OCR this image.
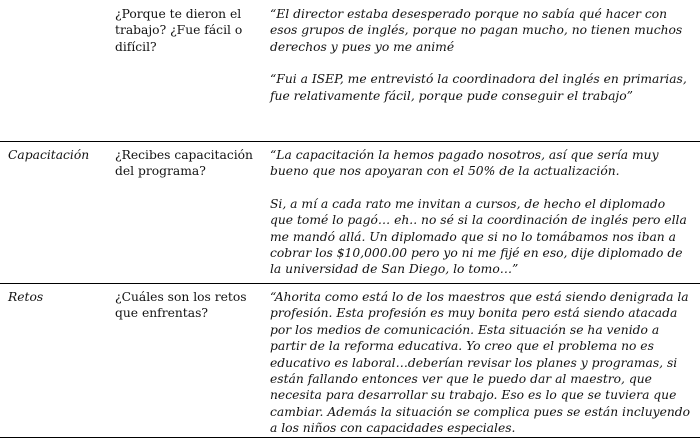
¿Porque te dieron el trabajo? ¿Fue fácil o difícil?

“El director estaba desesperado porque no sabía qué hacer con esos grupos de inglés, porque no pagan mucho, no tienen muchos derechos y pues yo me animé

“Fui a ISEP, me entrevistó la coordinadora del inglés en primarias, fue relativamente fácil, porque pude conseguir el trabajo”

Capacitación	¿Recibes capacitación del programa?

“La capacitación la hemos pagado nosotros, así que sería muy bueno que nos apoyaran con el 50% de la actualización.

Si, a mí a cada rato me invitan a cursos, de hecho el diplomado que tomé lo pagó… eh.. no sé si la coordinación de inglés pero ella me mandó allá. Un diplomado que si no lo tomábamos nos iban a cobrar los $10,000.00 pero yo ni me fijé en eso, dije diplomado de la universidad de San Diego, lo tomo…”

Retos	¿Cuáles son los retos que enfrentas?

“Ahorita como está lo de los maestros que está siendo denigrada la profesión. Esta profesión es muy bonita pero está siendo atacada por los medios de comunicación. Esta situación se ha venido a partir de la reforma educativa. Yo creo que el problema no es educativo es laboral…deberían revisar los planes y programas, si están fallando entonces ver que le puedo dar al maestro, que necesita para desarrollar su trabajo. Eso es lo que se tuviera que cambiar. Además la situación se complica pues se están incluyendo a los niños con capacidades especiales.
